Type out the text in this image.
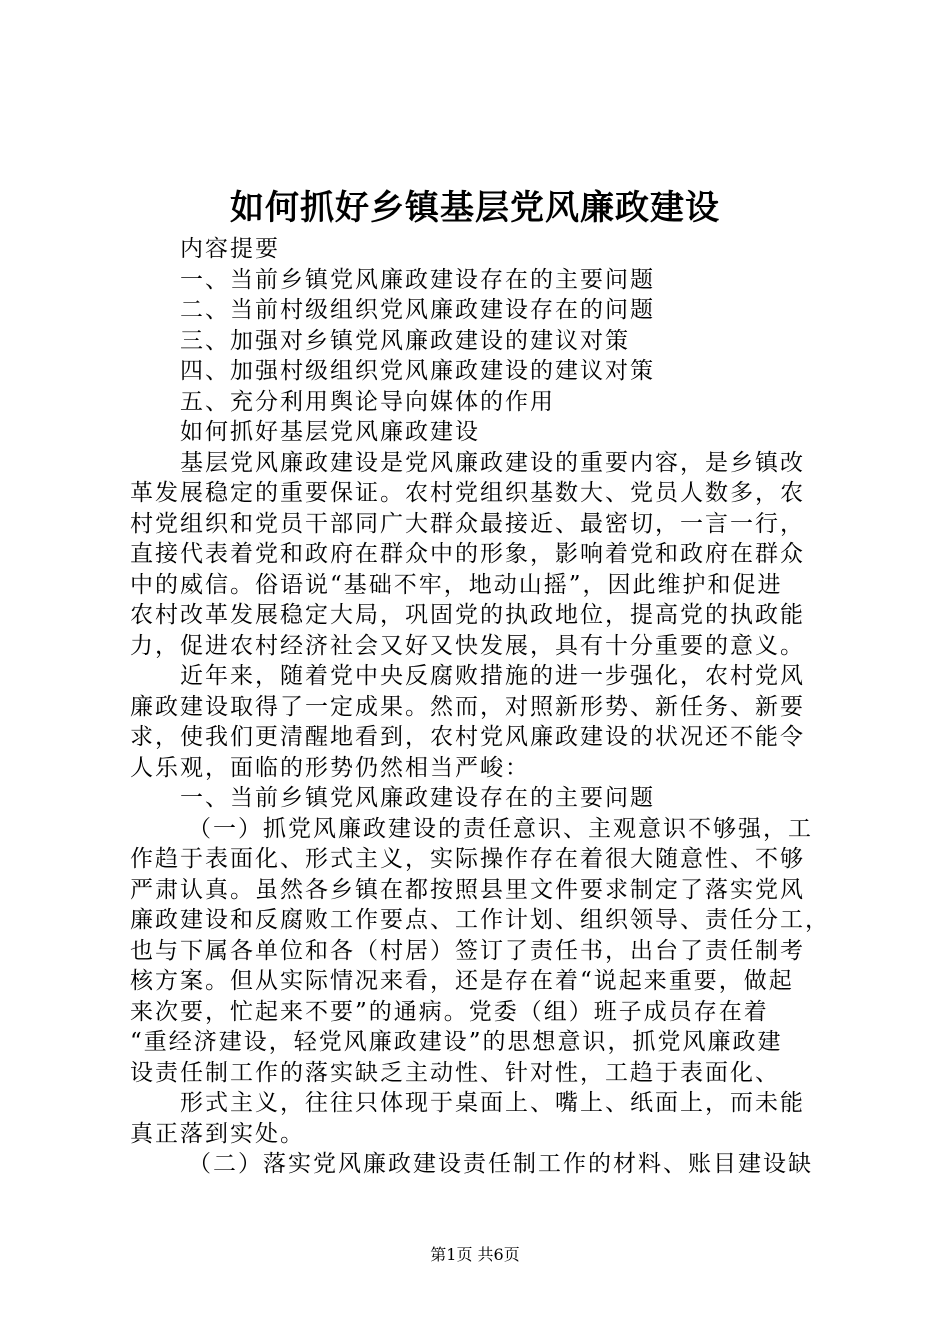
如何抓好乡镇基层党风廉政建设
内容提要
一、当前乡镇党风廉政建设存在的主要问题
二、当前村级组织党风廉政建设存在的问题
三、加强对乡镇党风廉政建设的建议对策
四、加强村级组织党风廉政建设的建议对策
五、充分利用舆论导向媒体的作用
如何抓好基层党风廉政建设
基层党风廉政建设是党风廉政建设的重要内容，是乡镇改
革发展稳定的重要保证。农村党组织基数大、党员人数多，农
村党组织和党员干部同广大群众最接近、最密切，一言一行，
直接代表着党和政府在群众中的形象，影响着党和政府在群众
中的威信。俗语说“基础不牢，地动山摇”，因此维护和促进
农村改革发展稳定大局，巩固党的执政地位，提高党的执政能
力，促进农村经济社会又好又快发展，具有十分重要的意义。
近年来，随着党中央反腐败措施的进一步强化，农村党风
廉政建设取得了一定成果。然而，对照新形势、新任务、新要
求，使我们更清醒地看到，农村党风廉政建设的状况还不能令
人乐观，面临的形势仍然相当严峻：
一、当前乡镇党风廉政建设存在的主要问题
（一）抓党风廉政建设的责任意识、主观意识不够强，工
作趋于表面化、形式主义，实际操作存在着很大随意性、不够
严肃认真。虽然各乡镇在都按照县里文件要求制定了落实党风
廉政建设和反腐败工作要点、工作计划、组织领导、责任分工，
也与下属各单位和各（村居）签订了责任书，出台了责任制考
核方案。但从实际情况来看，还是存在着“说起来重要，做起
来次要，忙起来不要”的通病。党委（组）班子成员存在着
“重经济建设，轻党风廉政建设”的思想意识，抓党风廉政建
设责任制工作的落实缺乏主动性、针对性，工趋于表面化、
形式主义，往往只体现于桌面上、嘴上、纸面上，而未能
真正落到实处。
（二）落实党风廉政建设责任制工作的材料、账目建设缺
第1页 共6页
